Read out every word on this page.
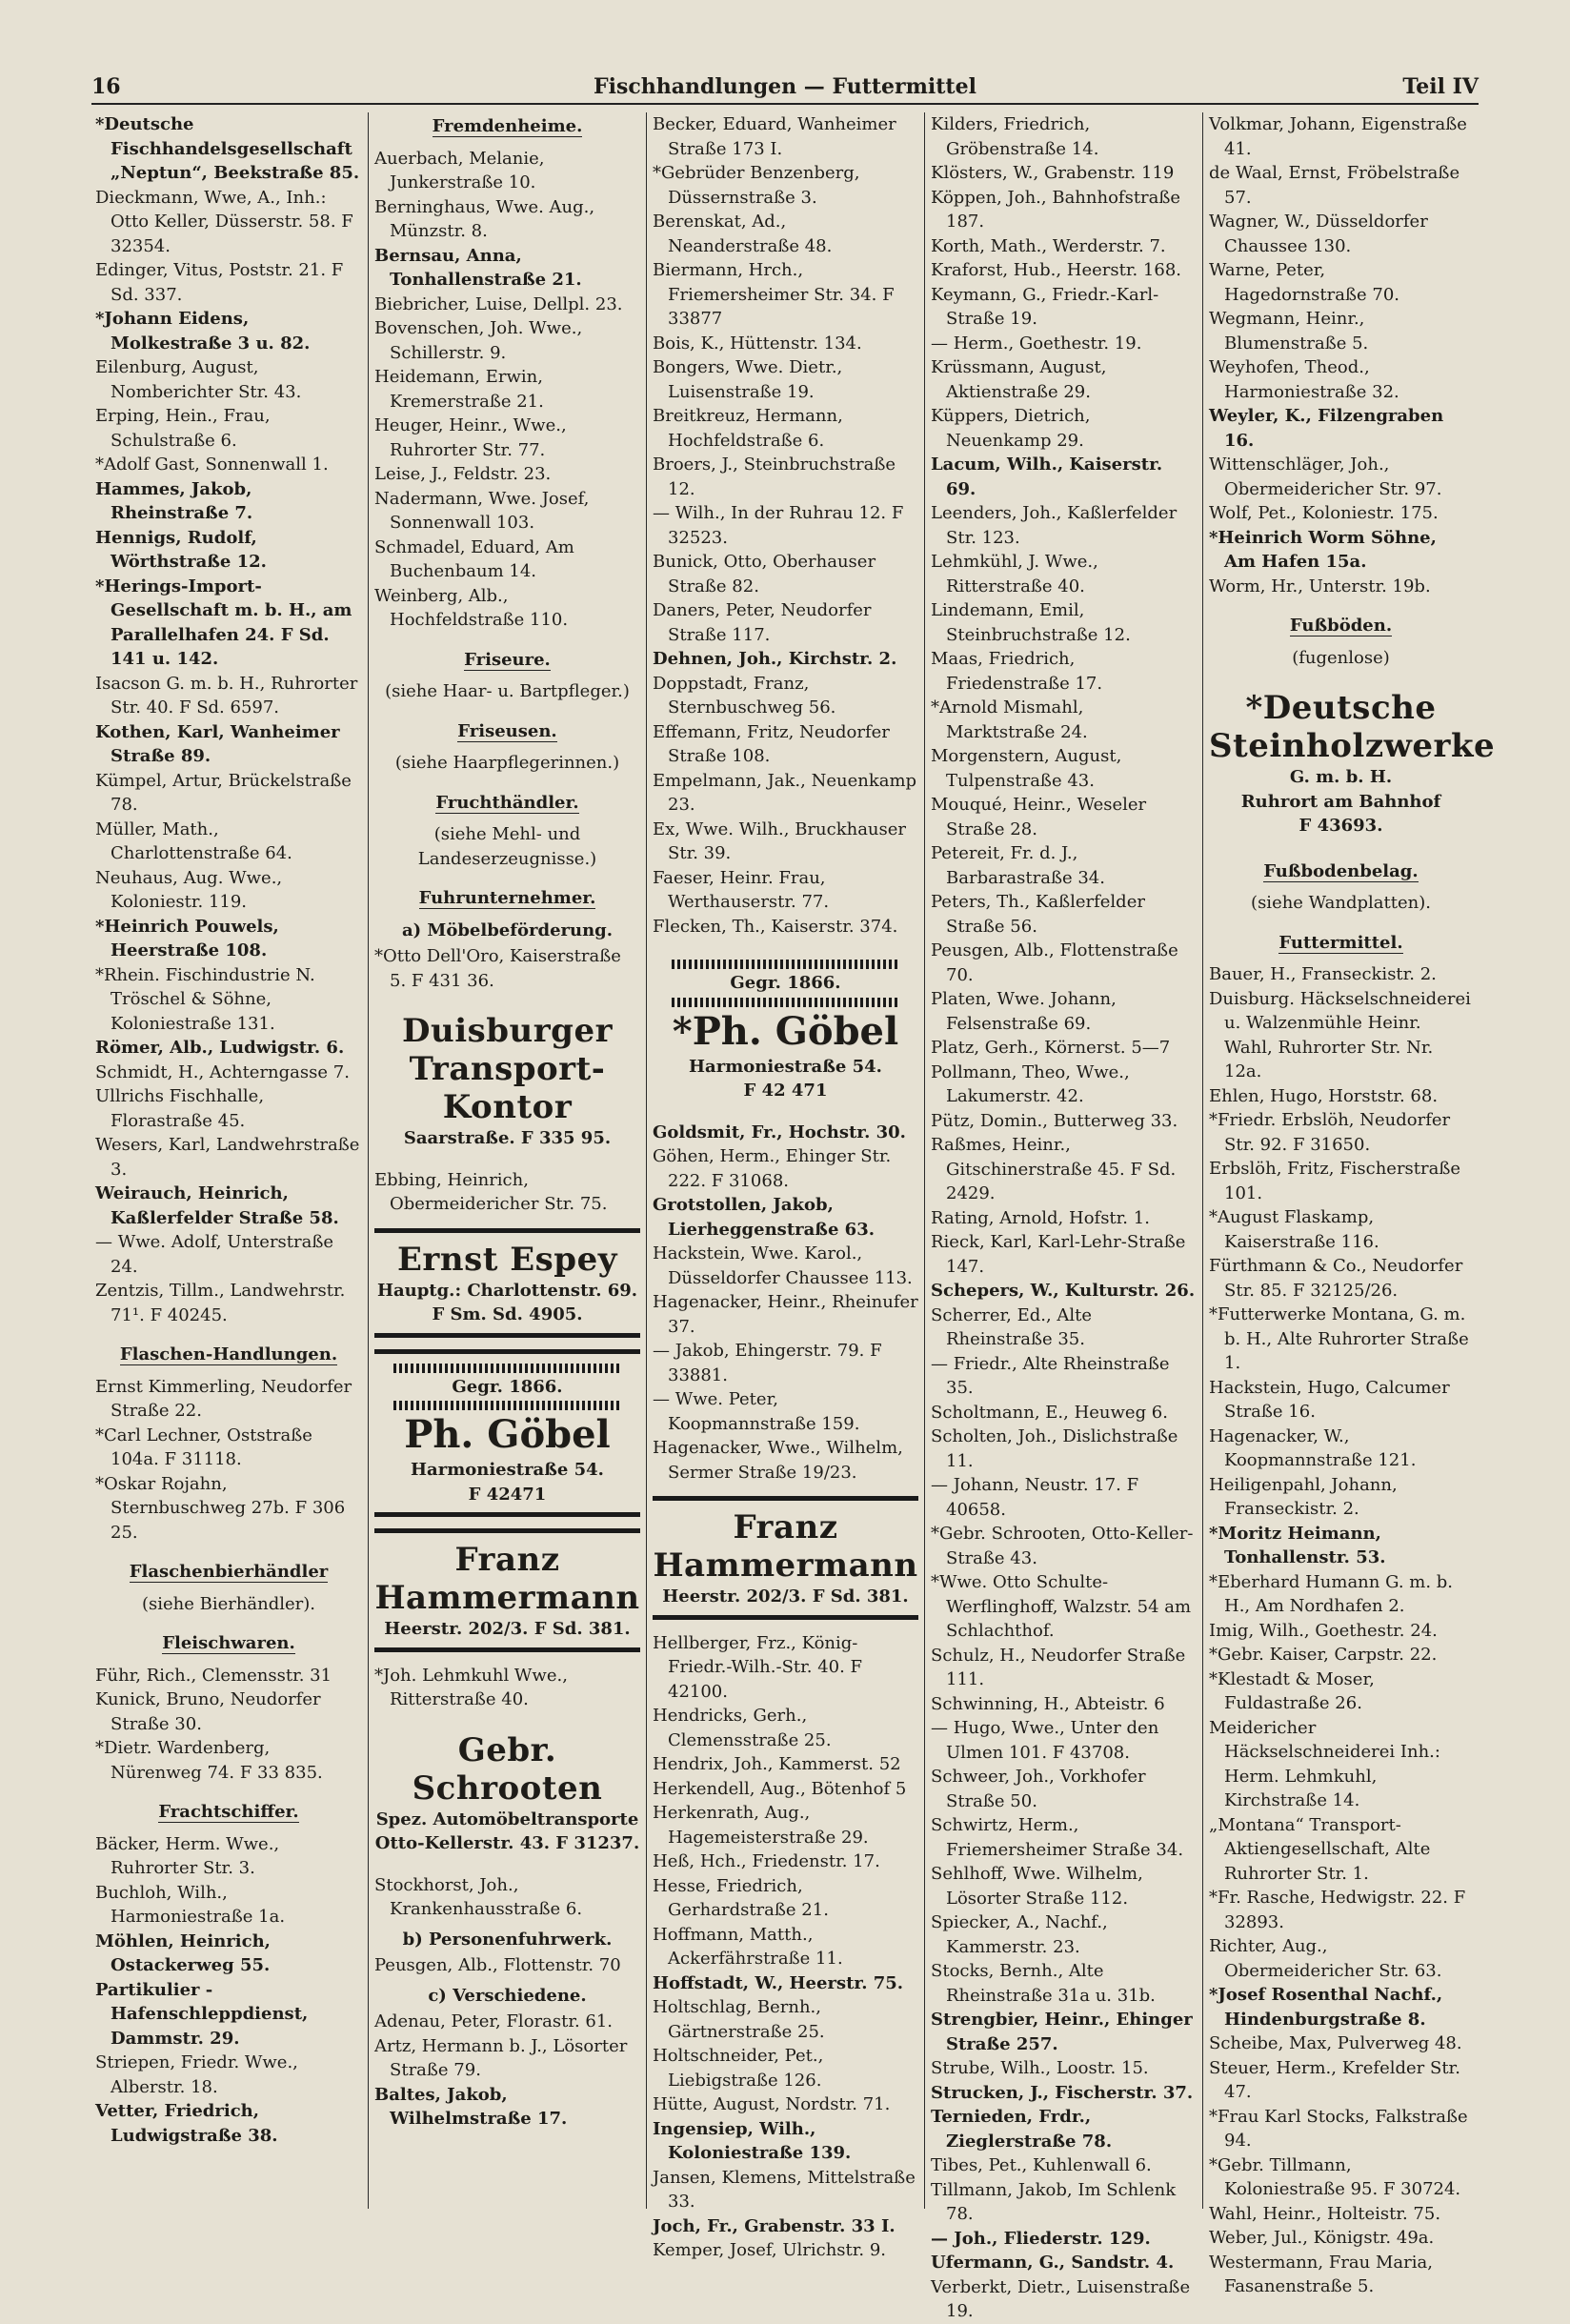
16	Fischhandlungen — Futtermittel	Teil IV
*Deutsche Fischhandelsgesellschaft „Neptun“, Beekstraße 85.
Dieckmann, Wwe, A., Inh.: Otto Keller, Düsserstr. 58. F 32354.
Edinger, Vitus, Poststr. 21. F Sd. 337.
*Johann Eidens, Molkestraße 3 u. 82.
Eilenburg, August, Nomberichter Str. 43.
Erping, Hein., Frau, Schulstraße 6.
*Adolf Gast, Sonnenwall 1.
Hammes, Jakob, Rheinstraße 7.
Hennigs, Rudolf, Wörthstraße 12.
*Herings-Import-Gesellschaft m. b. H., am Parallelhafen 24. F Sd. 141 u. 142.
Isacson G. m. b. H., Ruhrorter Str. 40. F Sd. 6597.
Kothen, Karl, Wanheimer Straße 89.
Kümpel, Artur, Brückelstraße 78.
Müller, Math., Charlottenstraße 64.
Neuhaus, Aug. Wwe., Koloniestr. 119.
*Heinrich Pouwels, Heerstraße 108.
*Rhein. Fischindustrie N. Tröschel & Söhne, Koloniestraße 131.
Römer, Alb., Ludwigstr. 6.
Schmidt, H., Achterngasse 7.
Ullrichs Fischhalle, Florastraße 45.
Wesers, Karl, Landwehrstraße 3.
Weirauch, Heinrich, Kaßlerfelder Straße 58.
— Wwe. Adolf, Unterstraße 24.
Zentzis, Tillm., Landwehrstr. 71¹. F 40245.
Flaschen-Handlungen.
Ernst Kimmerling, Neudorfer Straße 22.
*Carl Lechner, Oststraße 104a. F 31118.
*Oskar Rojahn, Sternbuschweg 27b. F 306 25.
Flaschenbierhändler
(siehe Bierhändler).
Fleischwaren.
Führ, Rich., Clemensstr. 31
Kunick, Bruno, Neudorfer Straße 30.
*Dietr. Wardenberg, Nürenweg 74. F 33 835.
Frachtschiffer.
Bäcker, Herm. Wwe., Ruhrorter Str. 3.
Buchloh, Wilh., Harmoniestraße 1a.
Möhlen, Heinrich, Ostackerweg 55.
Partikulier - Hafenschleppdienst, Dammstr. 29.
Striepen, Friedr. Wwe., Alberstr. 18.
Vetter, Friedrich, Ludwigstraße 38.
Fremdenheime.
Auerbach, Melanie, Junkerstraße 10.
Berninghaus, Wwe. Aug., Münzstr. 8.
Bernsau, Anna, Tonhallenstraße 21.
Biebricher, Luise, Dellpl. 23.
Bovenschen, Joh. Wwe., Schillerstr. 9.
Heidemann, Erwin, Kremerstraße 21.
Heuger, Heinr., Wwe., Ruhrorter Str. 77.
Leise, J., Feldstr. 23.
Nadermann, Wwe. Josef, Sonnenwall 103.
Schmadel, Eduard, Am Buchenbaum 14.
Weinberg, Alb., Hochfeldstraße 110.
Friseure.
(siehe Haar- u. Bartpfleger.)
Friseusen.
(siehe Haarpflegerinnen.)
Fruchthändler.
(siehe Mehl- und Landeserzeugnisse.)
Fuhrunternehmer.
a) Möbelbeförderung.
*Otto Dell'Oro, Kaiserstraße 5. F 431 36.
Duisburger Transport-Kontor
Saarstraße. F 335 95.
Ebbing, Heinrich, Obermeidericher Str. 75.
Ernst Espey
Hauptg.: Charlottenstr. 69.
F Sm. Sd. 4905.
Gegr. 1866.
Ph. Göbel
Harmoniestraße 54.
F 42471
Franz Hammermann
Heerstr. 202/3. F Sd. 381.
*Joh. Lehmkuhl Wwe., Ritterstraße 40.
Gebr. Schrooten
Spez. Automöbeltransporte
Otto-Kellerstr. 43. F 31237.
Stockhorst, Joh., Krankenhausstraße 6.
b) Personenfuhrwerk.
Peusgen, Alb., Flottenstr. 70
c) Verschiedene.
Adenau, Peter, Florastr. 61.
Artz, Hermann b. J., Lösorter Straße 79.
Baltes, Jakob, Wilhelmstraße 17.
Becker, Eduard, Wanheimer Straße 173 I.
*Gebrüder Benzenberg, Düssernstraße 3.
Berenskat, Ad., Neanderstraße 48.
Biermann, Hrch., Friemersheimer Str. 34. F 33877
Bois, K., Hüttenstr. 134.
Bongers, Wwe. Dietr., Luisenstraße 19.
Breitkreuz, Hermann, Hochfeldstraße 6.
Broers, J., Steinbruchstraße 12.
— Wilh., In der Ruhrau 12. F 32523.
Bunick, Otto, Oberhauser Straße 82.
Daners, Peter, Neudorfer Straße 117.
Dehnen, Joh., Kirchstr. 2.
Doppstadt, Franz, Sternbuschweg 56.
Effemann, Fritz, Neudorfer Straße 108.
Empelmann, Jak., Neuenkamp 23.
Ex, Wwe. Wilh., Bruckhauser Str. 39.
Faeser, Heinr. Frau, Werthauserstr. 77.
Flecken, Th., Kaiserstr. 374.
Gegr. 1866.
*Ph. Göbel
Harmoniestraße 54.
F 42 471
Goldsmit, Fr., Hochstr. 30.
Göhen, Herm., Ehinger Str. 222. F 31068.
Grotstollen, Jakob, Lierheggenstraße 63.
Hackstein, Wwe. Karol., Düsseldorfer Chaussee 113.
Hagenacker, Heinr., Rheinufer 37.
— Jakob, Ehingerstr. 79. F 33881.
— Wwe. Peter, Koopmannstraße 159.
Hagenacker, Wwe., Wilhelm, Sermer Straße 19/23.
Franz Hammermann
Heerstr. 202/3. F Sd. 381.
Hellberger, Frz., König-Friedr.-Wilh.-Str. 40. F 42100.
Hendricks, Gerh., Clemensstraße 25.
Hendrix, Joh., Kammerst. 52
Herkendell, Aug., Bötenhof 5
Herkenrath, Aug., Hagemeisterstraße 29.
Heß, Hch., Friedenstr. 17.
Hesse, Friedrich, Gerhardstraße 21.
Hoffmann, Matth., Ackerfährstraße 11.
Hoffstadt, W., Heerstr. 75.
Holtschlag, Bernh., Gärtnerstraße 25.
Holtschneider, Pet., Liebigstraße 126.
Hütte, August, Nordstr. 71.
Ingensiep, Wilh., Koloniestraße 139.
Jansen, Klemens, Mittelstraße 33.
Joch, Fr., Grabenstr. 33 I.
Kemper, Josef, Ulrichstr. 9.
Kilders, Friedrich, Gröbenstraße 14.
Klösters, W., Grabenstr. 119
Köppen, Joh., Bahnhofstraße 187.
Korth, Math., Werderstr. 7.
Kraforst, Hub., Heerstr. 168.
Keymann, G., Friedr.-Karl-Straße 19.
— Herm., Goethestr. 19.
Krüssmann, August, Aktienstraße 29.
Küppers, Dietrich, Neuenkamp 29.
Lacum, Wilh., Kaiserstr. 69.
Leenders, Joh., Kaßlerfelder Str. 123.
Lehmkühl, J. Wwe., Ritterstraße 40.
Lindemann, Emil, Steinbruchstraße 12.
Maas, Friedrich, Friedenstraße 17.
*Arnold Mismahl, Marktstraße 24.
Morgenstern, August, Tulpenstraße 43.
Mouqué, Heinr., Weseler Straße 28.
Petereit, Fr. d. J., Barbarastraße 34.
Peters, Th., Kaßlerfelder Straße 56.
Peusgen, Alb., Flottenstraße 70.
Platen, Wwe. Johann, Felsenstraße 69.
Platz, Gerh., Körnerst. 5—7
Pollmann, Theo, Wwe., Lakumerstr. 42.
Pütz, Domin., Butterweg 33.
Raßmes, Heinr., Gitschinerstraße 45. F Sd. 2429.
Rating, Arnold, Hofstr. 1.
Rieck, Karl, Karl-Lehr-Straße 147.
Schepers, W., Kulturstr. 26.
Scherrer, Ed., Alte Rheinstraße 35.
— Friedr., Alte Rheinstraße 35.
Scholtmann, E., Heuweg 6.
Scholten, Joh., Dislichstraße 11.
— Johann, Neustr. 17. F 40658.
*Gebr. Schrooten, Otto-Keller-Straße 43.
*Wwe. Otto Schulte-Werflinghoff, Walzstr. 54 am Schlachthof.
Schulz, H., Neudorfer Straße 111.
Schwinning, H., Abteistr. 6
— Hugo, Wwe., Unter den Ulmen 101. F 43708.
Schweer, Joh., Vorkhofer Straße 50.
Schwirtz, Herm., Friemersheimer Straße 34.
Sehlhoff, Wwe. Wilhelm, Lösorter Straße 112.
Spiecker, A., Nachf., Kammerstr. 23.
Stocks, Bernh., Alte Rheinstraße 31a u. 31b.
Strengbier, Heinr., Ehinger Straße 257.
Strube, Wilh., Loostr. 15.
Strucken, J., Fischerstr. 37.
Ternieden, Frdr., Zieglerstraße 78.
Tibes, Pet., Kuhlenwall 6.
Tillmann, Jakob, Im Schlenk 78.
— Joh., Fliederstr. 129.
Ufermann, G., Sandstr. 4.
Verberkt, Dietr., Luisenstraße 19.
Volkmar, Johann, Eigenstraße 41.
de Waal, Ernst, Fröbelstraße 57.
Wagner, W., Düsseldorfer Chaussee 130.
Warne, Peter, Hagedornstraße 70.
Wegmann, Heinr., Blumenstraße 5.
Weyhofen, Theod., Harmoniestraße 32.
Weyler, K., Filzengraben 16.
Wittenschläger, Joh., Obermeidericher Str. 97.
Wolf, Pet., Koloniestr. 175.
*Heinrich Worm Söhne, Am Hafen 15a.
Worm, Hr., Unterstr. 19b.
Fußböden.
(fugenlose)
*Deutsche Steinholzwerke
G. m. b. H.
Ruhrort am Bahnhof
F 43693.
Fußbodenbelag.
(siehe Wandplatten).
Futtermittel.
Bauer, H., Franseckistr. 2.
Duisburg. Häckselschneiderei u. Walzenmühle Heinr. Wahl, Ruhrorter Str. Nr. 12a.
Ehlen, Hugo, Horststr. 68.
*Friedr. Erbslöh, Neudorfer Str. 92. F 31650.
Erbslöh, Fritz, Fischerstraße 101.
*August Flaskamp, Kaiserstraße 116.
Fürthmann & Co., Neudorfer Str. 85. F 32125/26.
*Futterwerke Montana, G. m. b. H., Alte Ruhrorter Straße 1.
Hackstein, Hugo, Calcumer Straße 16.
Hagenacker, W., Koopmannstraße 121.
Heiligenpahl, Johann, Franseckistr. 2.
*Moritz Heimann, Tonhallenstr. 53.
*Eberhard Humann G. m. b. H., Am Nordhafen 2.
Imig, Wilh., Goethestr. 24.
*Gebr. Kaiser, Carpstr. 22.
*Klestadt & Moser, Fuldastraße 26.
Meidericher Häckselschneiderei Inh.: Herm. Lehmkuhl, Kirchstraße 14.
„Montana“ Transport-Aktiengesellschaft, Alte Ruhrorter Str. 1.
*Fr. Rasche, Hedwigstr. 22. F 32893.
Richter, Aug., Obermeidericher Str. 63.
*Josef Rosenthal Nachf., Hindenburgstraße 8.
Scheibe, Max, Pulverweg 48.
Steuer, Herm., Krefelder Str. 47.
*Frau Karl Stocks, Falkstraße 94.
*Gebr. Tillmann, Koloniestraße 95. F 30724.
Wahl, Heinr., Holteistr. 75.
Weber, Jul., Königstr. 49a.
Westermann, Frau Maria, Fasanenstraße 5.
